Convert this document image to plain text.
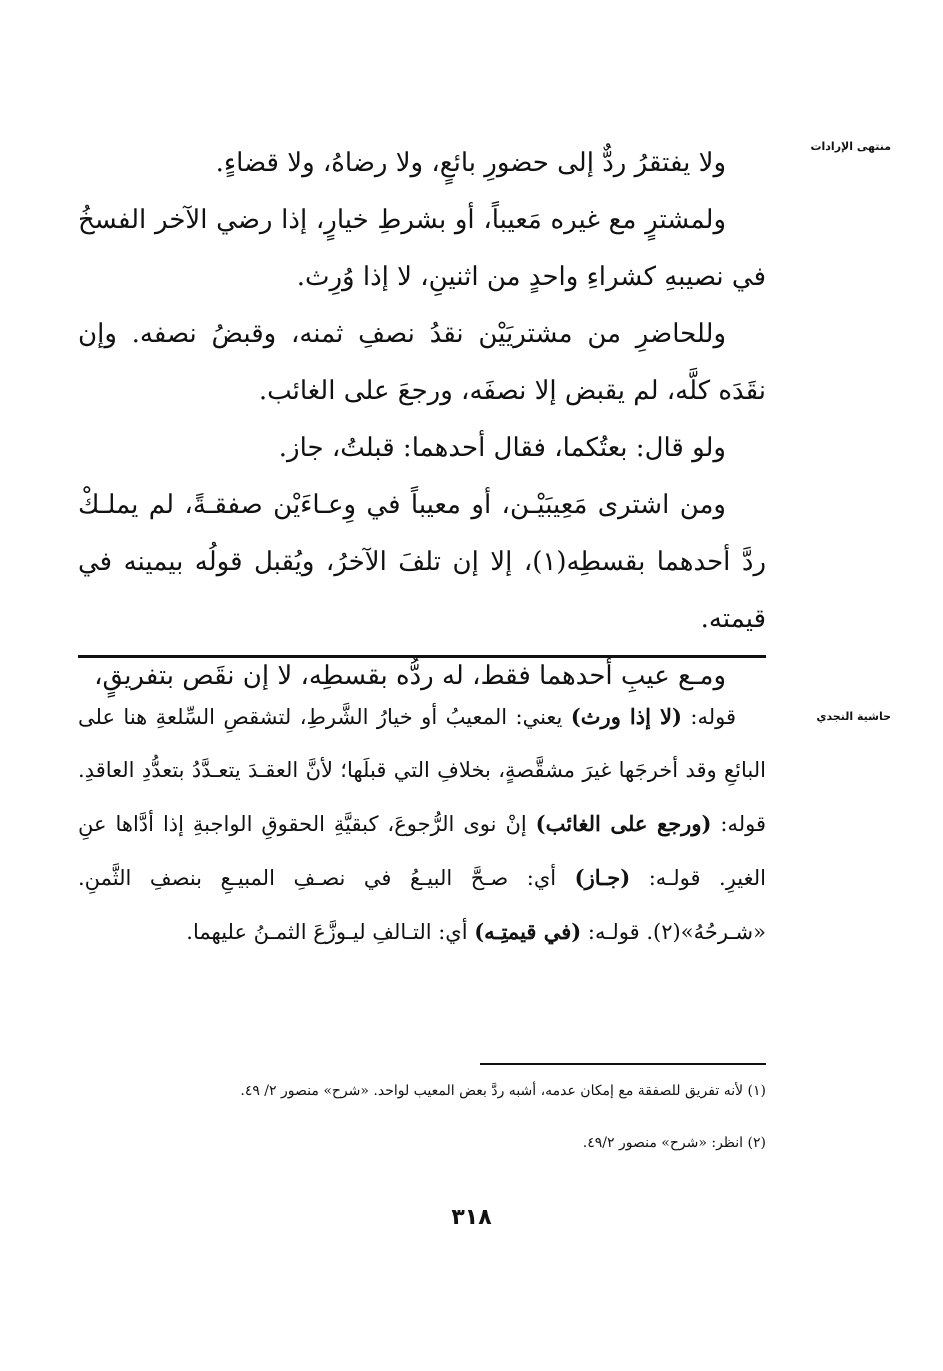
منتهى الإرادات
حاشية النجدي

ولا يفتقرُ ردٌّ إلى حضورِ بائعٍ، ولا رضاهُ، ولا قضاءٍ.

ولمشترٍ مع غيره مَعيباً، أو بشرطِ خيارٍ، إذا رضي الآخر الفسخُ في نصيبهِ كشراءِ واحدٍ من اثنينِ، لا إذا وُرِث.

وللحاضرِ من مشتريَيْن نقدُ نصفِ ثمنه، وقبضُ نصفه. وإن نقَدَه كلَّه، لم يقبض إلا نصفَه، ورجعَ على الغائب.

ولو قال: بعتُكما، فقال أحدهما: قبلتُ، جاز.

ومن اشترى مَعِيبَيْـن، أو معيباً في وِعـاءَيْن صفقـةً، لم يملـكْ ردَّ أحدهما بقسطِه(١)، إلا إن تلفَ الآخرُ، ويُقبل قولُه بيمينه في قيمته.

ومـع عيبِ أحدهما فقط، له ردُّه بقسطِه، لا إن نقَص بتفريقٍ،

قوله: (لا إذا ورث) يعني: المعيبُ أو خيارُ الشَّرطِ، لتشقصِ السِّلعةِ هنا على البائعِ وقد أخرجَها غيرَ مشقَّصةٍ، بخلافِ التي قبلَها؛ لأنَّ العقـدَ يتعـدَّدُ بتعدُّدِ العاقدِ. قوله: (ورجع على الغائب) إنْ نوى الرُّجوعَ، كبقيَّةِ الحقوقِ الواجبةِ إذا أدَّاها عنِ الغيرِ. قولـه: (جـاز) أي: صـحَّ البيـعُ في نصـفِ المبيـعِ بنصفِ الثَّمنِ. «شـرحُهُ»(٢). قولـه: (في قيمتِـه) أي: التـالفِ ليـوزَّعَ الثمـنُ عليهما.

(١) لأنه تفريق للصفقة مع إمكان عدمه، أشبه ردَّ بعض المعيب لواحد. «شرح» منصور ٢/ ٤٩.

(٢) انظر: «شرح» منصور ٤٩/٢.

٣١٨
